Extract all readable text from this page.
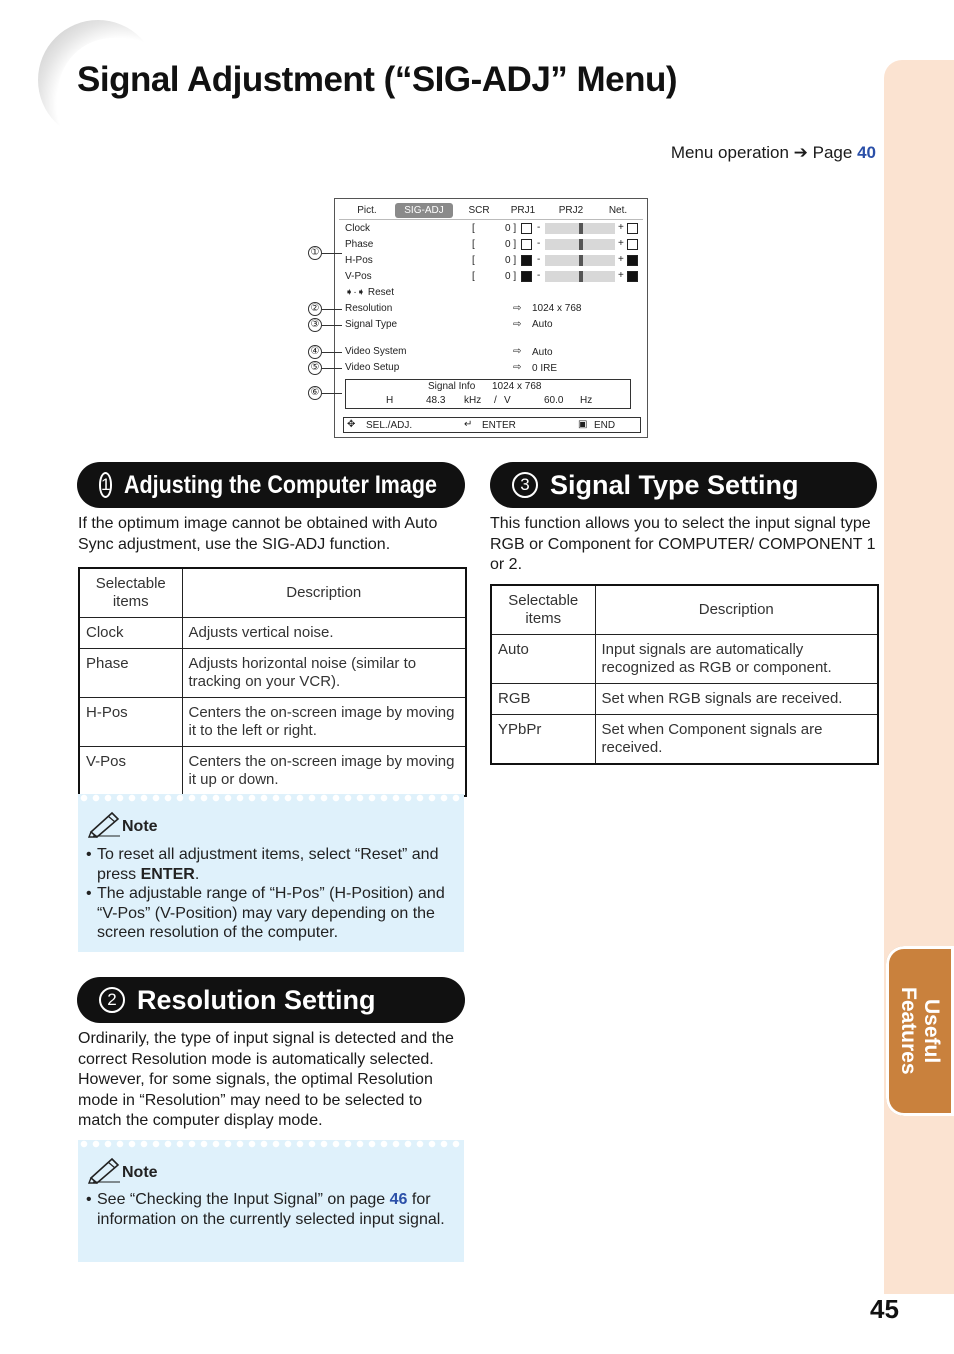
Signal Adjustment (“SIG-ADJ” Menu)
Menu operation ➔ Page 40
Useful
Features
Pict.	SIG-ADJ	SCR	PRJ1	PRJ2	Net.
Clock	[	0 ] -	+
Phase	[	0 ] -	+
H-Pos	[	0 ] -	+
V-Pos	[	0 ] -	+
➧·➧ Reset
Resolution	⇨ 1024 x 768
Signal Type	⇨ Auto
Video System	⇨ Auto
Video Setup	⇨ 0 IRE
Signal Info 1024 x 768
H	48.3 kHz / V	60.0 Hz
✥ SEL./ADJ.	↵ ENTER	▣ END
①
②
③
④
⑤
⑥
1 Adjusting the Computer Image

If the optimum image cannot be obtained with Auto Sync adjustment, use the SIG-ADJ function.

Selectable items	Description
Clock	Adjusts vertical noise.
Phase	Adjusts horizontal noise (similar to tracking on your VCR).
H-Pos	Centers the on-screen image by moving it to the left or right.
V-Pos	Centers the on-screen image by moving it up or down.
Note
• To reset all adjustment items, select “Reset” and press ENTER.
• The adjustable range of “H-Pos” (H-Position) and “V-Pos” (V-Position) may vary depending on the screen resolution of the computer.
2 Resolution Setting

Ordinarily, the type of input signal is detected and the correct Resolution mode is automatically selected. However, for some signals, the optimal Resolution mode in “Resolution” may need to be selected to match the computer display mode.

Note
• See “Checking the Input Signal” on page 46 for information on the currently selected input signal.
3 Signal Type Setting

This function allows you to select the input signal type RGB or Component for COMPUTER/ COMPONENT 1 or 2.

Selectable items	Description
Auto	Input signals are automatically recognized as RGB or component.
RGB	Set when RGB signals are received.
YPbPr	Set when Component signals are received.
45
